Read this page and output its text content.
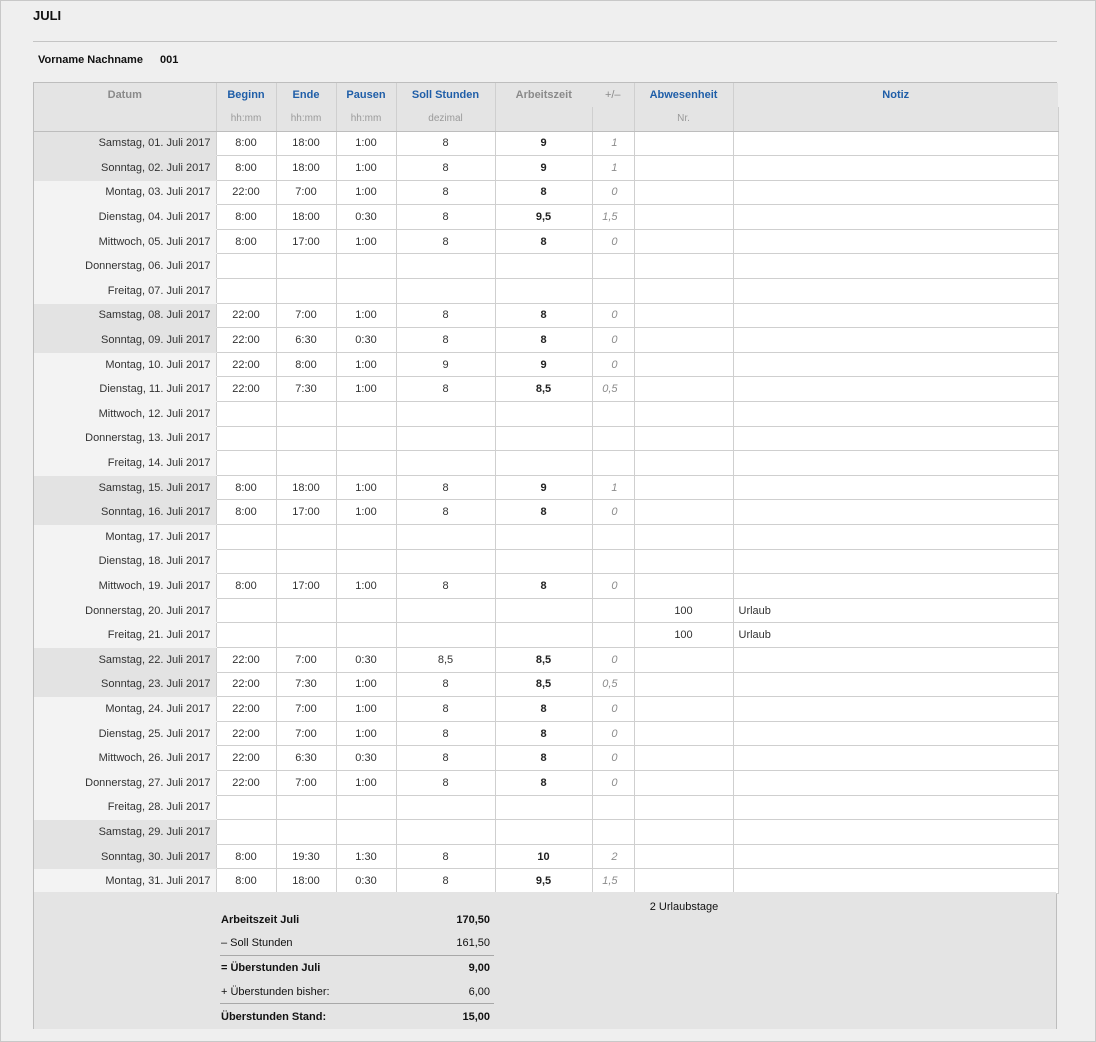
JULI
Vorname Nachname 001
Datum	Beginn	Ende	Pausen	Soll Stunden	Arbeitszeit	+/–	Abwesenheit	Notiz
	hh:mm	hh:mm	hh:mm	dezimal			Nr.	
Samstag, 01. Juli 2017	8:00	18:00	1:00	8	9	1		
Sonntag, 02. Juli 2017	8:00	18:00	1:00	8	9	1		
Montag, 03. Juli 2017	22:00	7:00	1:00	8	8	0		
Dienstag, 04. Juli 2017	8:00	18:00	0:30	8	9,5	1,5		
Mittwoch, 05. Juli 2017	8:00	17:00	1:00	8	8	0		
Donnerstag, 06. Juli 2017								
Freitag, 07. Juli 2017								
Samstag, 08. Juli 2017	22:00	7:00	1:00	8	8	0		
Sonntag, 09. Juli 2017	22:00	6:30	0:30	8	8	0		
Montag, 10. Juli 2017	22:00	8:00	1:00	9	9	0		
Dienstag, 11. Juli 2017	22:00	7:30	1:00	8	8,5	0,5		
Mittwoch, 12. Juli 2017								
Donnerstag, 13. Juli 2017								
Freitag, 14. Juli 2017								
Samstag, 15. Juli 2017	8:00	18:00	1:00	8	9	1		
Sonntag, 16. Juli 2017	8:00	17:00	1:00	8	8	0		
Montag, 17. Juli 2017								
Dienstag, 18. Juli 2017								
Mittwoch, 19. Juli 2017	8:00	17:00	1:00	8	8	0		
Donnerstag, 20. Juli 2017							100	Urlaub
Freitag, 21. Juli 2017							100	Urlaub
Samstag, 22. Juli 2017	22:00	7:00	0:30	8,5	8,5	0		
Sonntag, 23. Juli 2017	22:00	7:30	1:00	8	8,5	0,5		
Montag, 24. Juli 2017	22:00	7:00	1:00	8	8	0		
Dienstag, 25. Juli 2017	22:00	7:00	1:00	8	8	0		
Mittwoch, 26. Juli 2017	22:00	6:30	0:30	8	8	0		
Donnerstag, 27. Juli 2017	22:00	7:00	1:00	8	8	0		
Freitag, 28. Juli 2017								
Samstag, 29. Juli 2017								
Sonntag, 30. Juli 2017	8:00	19:30	1:30	8	10	2		
Montag, 31. Juli 2017	8:00	18:00	0:30	8	9,5	1,5		
Arbeitszeit Juli	170,50
– Soll Stunden	161,50
= Überstunden Juli	9,00
+ Überstunden bisher:	6,00
Überstunden Stand:	15,00
2 Urlaubstage
